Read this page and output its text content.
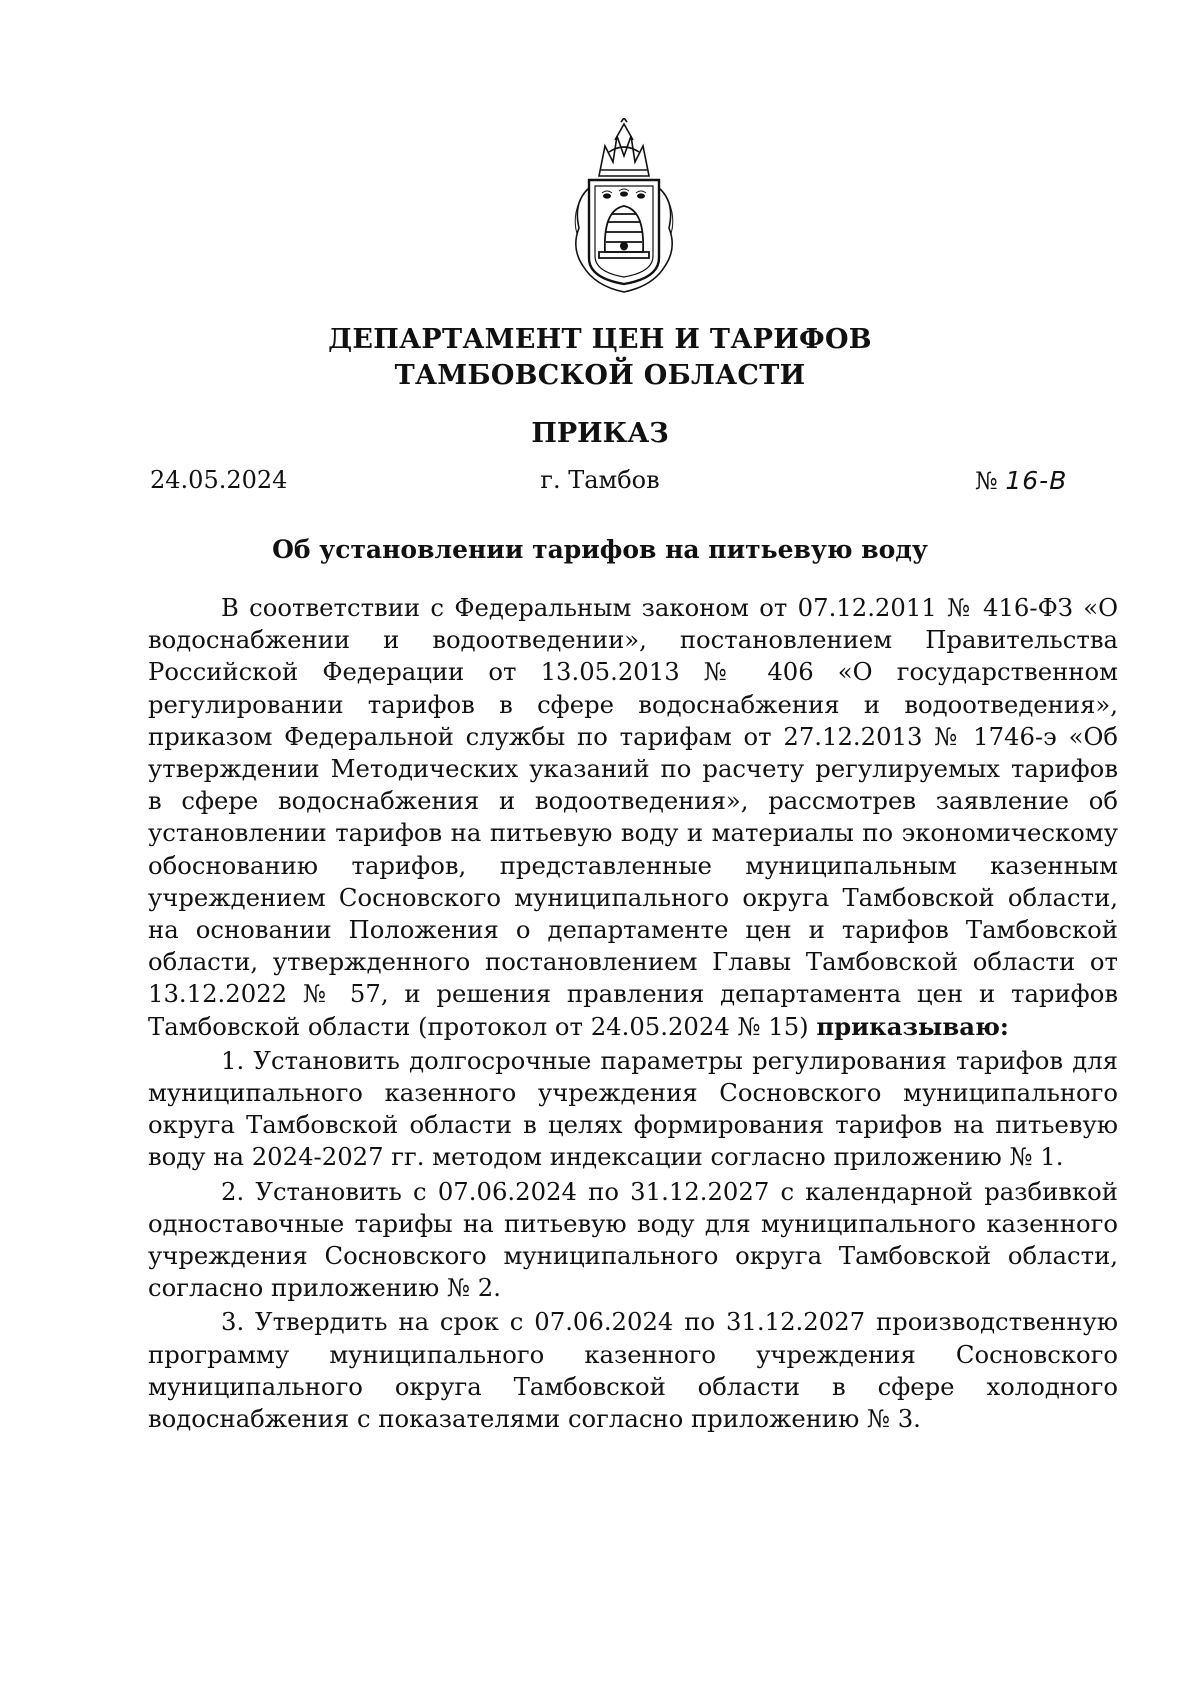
ДЕПАРТАМЕНТ ЦЕН И ТАРИФОВ
ТАМБОВСКОЙ ОБЛАСТИ
ПРИКАЗ
24.05.2024	г. Тамбов	№ 16-В
Об установлении тарифов на питьевую воду

В соответствии с Федеральным законом от 07.12.2011 № 416-ФЗ «О водоснабжении и водоотведении», постановлением Правительства Российской Федерации от 13.05.2013 № 406 «О государственном регулировании тарифов в сфере водоснабжения и водоотведения», приказом Федеральной службы по тарифам от 27.12.2013 № 1746-э «Об утверждении Методических указаний по расчету регулируемых тарифов в сфере водоснабжения и водоотведения», рассмотрев заявление об установлении тарифов на питьевую воду и материалы по экономическому обоснованию тарифов, представленные муниципальным казенным учреждением Сосновского муниципального округа Тамбовской области, на основании Положения о департаменте цен и тарифов Тамбовской области, утвержденного постановлением Главы Тамбовской области от 13.12.2022 № 57, и решения правления департамента цен и тарифов Тамбовской области (протокол от 24.05.2024 № 15) приказываю:

1. Установить долгосрочные параметры регулирования тарифов для муниципального казенного учреждения Сосновского муниципального округа Тамбовской области в целях формирования тарифов на питьевую воду на 2024-2027 гг. методом индексации согласно приложению № 1.

2. Установить с 07.06.2024 по 31.12.2027 с календарной разбивкой одноставочные тарифы на питьевую воду для муниципального казенного учреждения Сосновского муниципального округа Тамбовской области, согласно приложению № 2.

3. Утвердить на срок с 07.06.2024 по 31.12.2027 производственную программу муниципального казенного учреждения Сосновского муниципального округа Тамбовской области в сфере холодного водоснабжения с показателями согласно приложению № 3.
